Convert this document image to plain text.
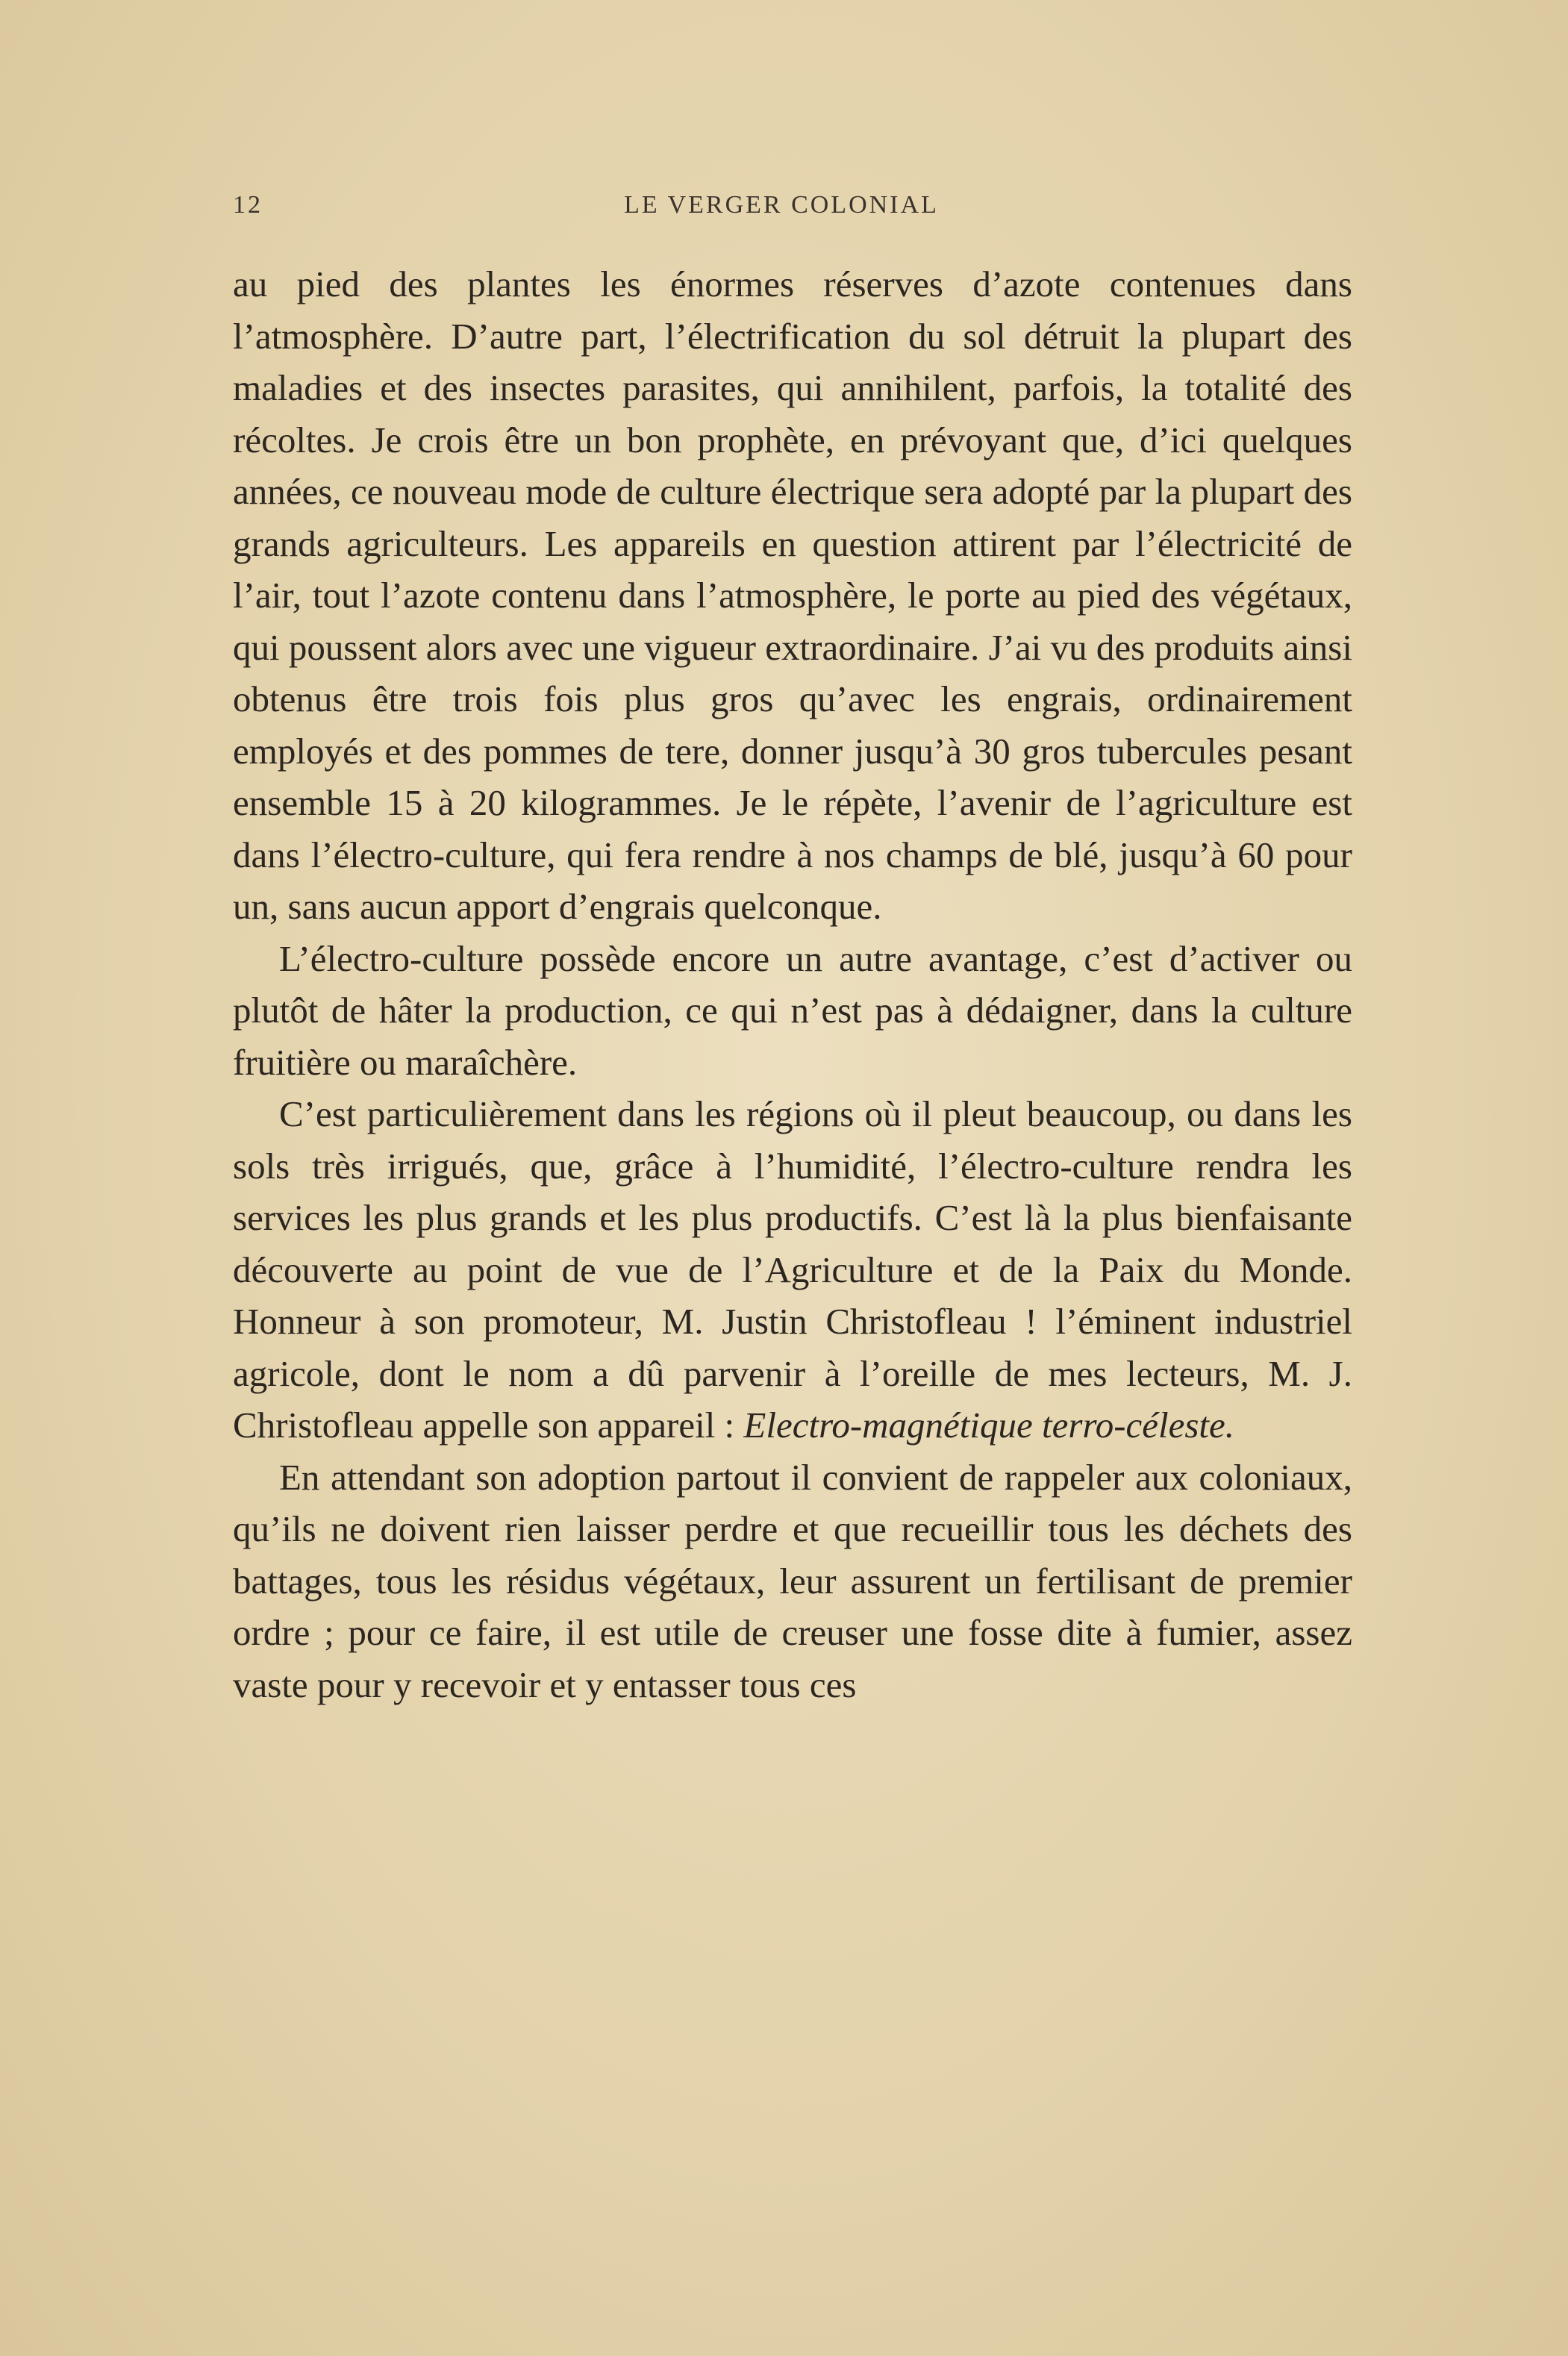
12	LE VERGER COLONIAL

au pied des plantes les énormes réserves d’azote contenues dans l’atmosphère. D’autre part, l’électrification du sol détruit la plupart des maladies et des insectes parasites, qui annihilent, parfois, la totalité des récoltes. Je crois être un bon prophète, en prévoyant que, d’ici quelques années, ce nouveau mode de culture électrique sera adopté par la plupart des grands agriculteurs. Les appareils en question attirent par l’électricité de l’air, tout l’azote contenu dans l’atmosphère, le porte au pied des végétaux, qui poussent alors avec une vigueur extraordinaire. J’ai vu des produits ainsi obtenus être trois fois plus gros qu’avec les engrais, ordinairement employés et des pommes de tere, donner jusqu’à 30 gros tubercules pesant ensemble 15 à 20 kilogrammes. Je le répète, l’avenir de l’agriculture est dans l’électro-culture, qui fera rendre à nos champs de blé, jusqu’à 60 pour un, sans aucun apport d’engrais quelconque.

L’électro-culture possède encore un autre avantage, c’est d’activer ou plutôt de hâter la production, ce qui n’est pas à dédaigner, dans la culture fruitière ou maraîchère.

C’est particulièrement dans les régions où il pleut beaucoup, ou dans les sols très irrigués, que, grâce à l’humidité, l’électro-culture rendra les services les plus grands et les plus productifs. C’est là la plus bienfaisante découverte au point de vue de l’Agriculture et de la Paix du Monde. Honneur à son promoteur, M. Justin Christofleau ! l’éminent industriel agricole, dont le nom a dû parvenir à l’oreille de mes lecteurs, M. J. Christofleau appelle son appareil : Electro-magnétique terro-céleste.

En attendant son adoption partout il convient de rappeler aux coloniaux, qu’ils ne doivent rien laisser perdre et que recueillir tous les déchets des battages, tous les résidus végétaux, leur assurent un fertilisant de premier ordre ; pour ce faire, il est utile de creuser une fosse dite à fumier, assez vaste pour y recevoir et y entasser tous ces
